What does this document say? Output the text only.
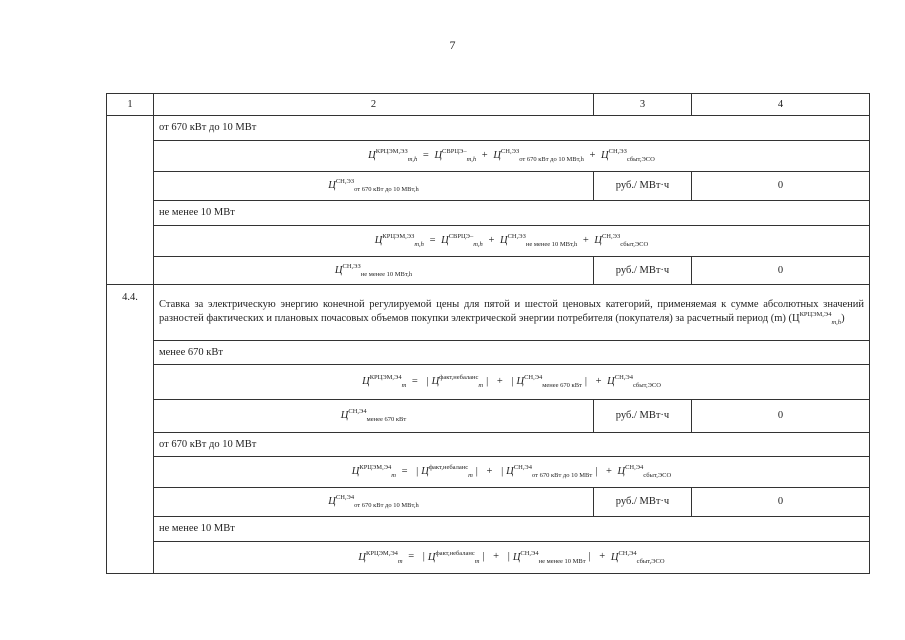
7
1	2	3	4
	от 670 кВт до 10 МВт		
	$Ц^{КРЦЭМ,ЭЗ}_{m,h} = Ц^{СВРЦЭ-}_{m,h} + Ц^{СН,ЭЗ}_{от 670 кВт до 10 МВт,h} + Ц^{СН,ЭЗ}_{сбыт,ЭСО}$
	$Ц^{СН,ЭЗ}_{от 670 кВт до 10 МВт,h}$	руб./ МВт·ч	0
	не менее 10 МВт		
	$Ц^{КРЦЭМ,ЭЗ}_{m,h} = Ц^{СВРЦЭ-}_{m,h} + Ц^{СН,ЭЗ}_{не менее 10 МВт,h} + Ц^{СН,ЭЗ}_{сбыт,ЭСО}$
	$Ц^{СН,ЭЗ}_{не менее 10 МВт,h}$	руб./ МВт·ч	0
4.4.	Ставка за электрическую энергию конечной регулируемой цены для пятой и шестой ценовых категорий, применяемая к сумме абсолютных значений разностей фактических и плановых почасовых объемов покупки электрической энергии потребителя (покупателя) за расчетный период (m) $(Ц^{КРЦЭМ,Э4}_{m,h})$		
	менее 670 кВт		
	$Ц^{КРЦЭМ,Э4}_m$ = | $Ц^{факт,небаланс}_m$ | + | $Ц^{СН,Э4}_{менее 670 кВт}$ | + $Ц^{СН,Э4}_{сбыт,ЭСО}$
	$Ц^{СН,Э4}_{менее 670 кВт}$	руб./ МВт·ч	0
	от 670 кВт до 10 МВт		
	$Ц^{КРЦЭМ,Э4}_m$ = | $Ц^{факт,небаланс}_m$ | + | $Ц^{СН,Э4}_{от 670 кВт до 10 МВт}$ | + $Ц^{СН,Э4}_{сбыт,ЭСО}$
	$Ц^{СН,Э4}_{от 670 кВт до 10 МВт,h}$	руб./ МВт·ч	0
	не менее 10 МВт		
	$Ц^{КРЦЭМ,Э4}_m$ = | $Ц^{факт,небаланс}_m$ | + | $Ц^{СН,Э4}_{не менее 10 МВт}$ | + $Ц^{СН,Э4}_{сбыт,ЭСО}$
